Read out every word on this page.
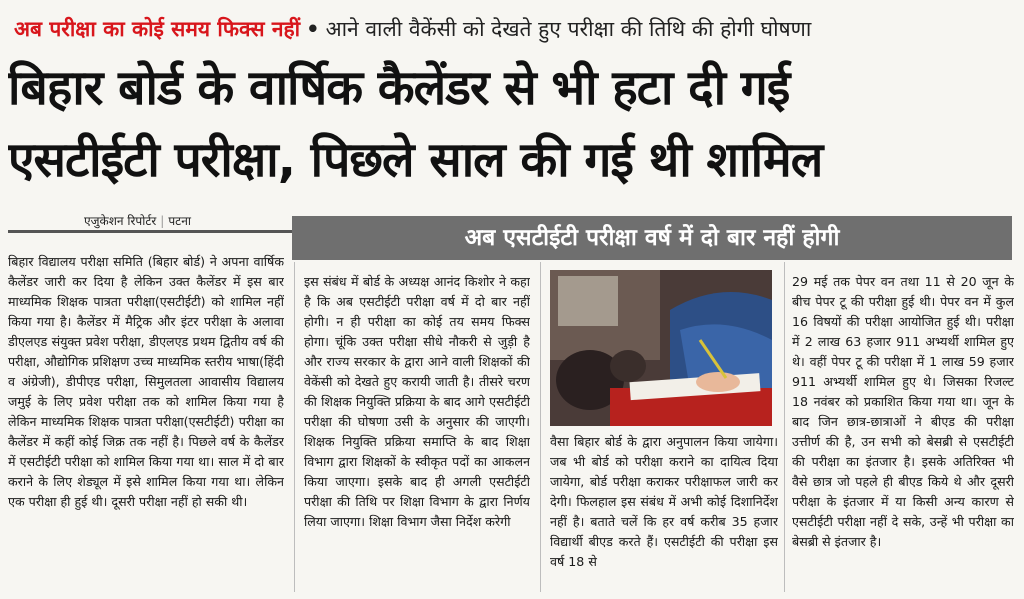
अब परीक्षा का कोई समय फिक्स नहीं • आने वाली वैकेंसी को देखते हुए परीक्षा की तिथि की होगी घोषणा
बिहार बोर्ड के वार्षिक कैलेंडर से भी हटा दी गई
एसटीईटी परीक्षा, पिछले साल की गई थी शामिल
एजुकेशन रिपोर्टर | पटना
अब एसटीईटी परीक्षा वर्ष में दो बार नहीं होगी

बिहार विद्यालय परीक्षा समिति (बिहार बोर्ड) ने अपना वार्षिक कैलेंडर जारी कर दिया है लेकिन उक्त कैलेंडर में इस बार माध्यमिक शिक्षक पात्रता परीक्षा(एसटीईटी) को शामिल नहीं किया गया है। कैलेंडर में मैट्रिक और इंटर परीक्षा के अलावा डीएलएड संयुक्त प्रवेश परीक्षा, डीएलएड प्रथम द्वितीय वर्ष की परीक्षा, औद्योगिक प्रशिक्षण उच्च माध्यमिक स्तरीय भाषा(हिंदी व अंग्रेजी), डीपीएड परीक्षा, सिमुलतला आवासीय विद्यालय जमुई के लिए प्रवेश परीक्षा तक को शामिल किया गया है लेकिन माध्यमिक शिक्षक पात्रता परीक्षा(एसटीईटी) परीक्षा का कैलेंडर में कहीं कोई जिक्र तक नहीं है। पिछले वर्ष के कैलेंडर में एसटीईटी परीक्षा को शामिल किया गया था। साल में दो बार कराने के लिए शेड्यूल में इसे शामिल किया गया था। लेकिन एक परीक्षा ही हुई थी। दूसरी परीक्षा नहीं हो सकी थी।

इस संबंध में बोर्ड के अध्यक्ष आनंद किशोर ने कहा है कि अब एसटीईटी परीक्षा वर्ष में दो बार नहीं होगी। न ही परीक्षा का कोई तय समय फिक्स होगा। चूंकि उक्त परीक्षा सीधे नौकरी से जुड़ी है और राज्य सरकार के द्वारा आने वाली शिक्षकों की वेकेंसी को देखते हुए करायी जाती है। तीसरे चरण की शिक्षक नियुक्ति प्रक्रिया के बाद आगे एसटीईटी परीक्षा की घोषणा उसी के अनुसार की जाएगी। शिक्षक नियुक्ति प्रक्रिया समाप्ति के बाद शिक्षा विभाग द्वारा शिक्षकों के स्वीकृत पदों का आकलन किया जाएगा। इसके बाद ही अगली एसटीईटी परीक्षा की तिथि पर शिक्षा विभाग के द्वारा निर्णय लिया जाएगा। शिक्षा विभाग जैसा निर्देश करेगी

वैसा बिहार बोर्ड के द्वारा अनुपालन किया जायेगा। जब भी बोर्ड को परीक्षा कराने का दायित्व दिया जायेगा, बोर्ड परीक्षा कराकर परीक्षाफल जारी कर देगी। फिलहाल इस संबंध में अभी कोई दिशानिर्देश नहीं है। बताते चलें कि हर वर्ष करीब 35 हजार विद्यार्थी बीएड करते हैं। एसटीईटी की परीक्षा इस वर्ष 18 से

29 मई तक पेपर वन तथा 11 से 20 जून के बीच पेपर टू की परीक्षा हुई थी। पेपर वन में कुल 16 विषयों की परीक्षा आयोजित हुई थी। परीक्षा में 2 लाख 63 हजार 911 अभ्यर्थी शामिल हुए थे। वहीं पेपर टू की परीक्षा में 1 लाख 59 हजार 911 अभ्यर्थी शामिल हुए थे। जिसका रिजल्ट 18 नवंबर को प्रकाशित किया गया था। जून के बाद जिन छात्र-छात्राओं ने बीएड की परीक्षा उत्तीर्ण की है, उन सभी को बेसब्री से एसटीईटी की परीक्षा का इंतजार है। इसके अतिरिक्त भी वैसे छात्र जो पहले ही बीएड किये थे और दूसरी परीक्षा के इंतजार में या किसी अन्य कारण से एसटीईटी परीक्षा नहीं दे सके, उन्हें भी परीक्षा का बेसब्री से इंतजार है।
